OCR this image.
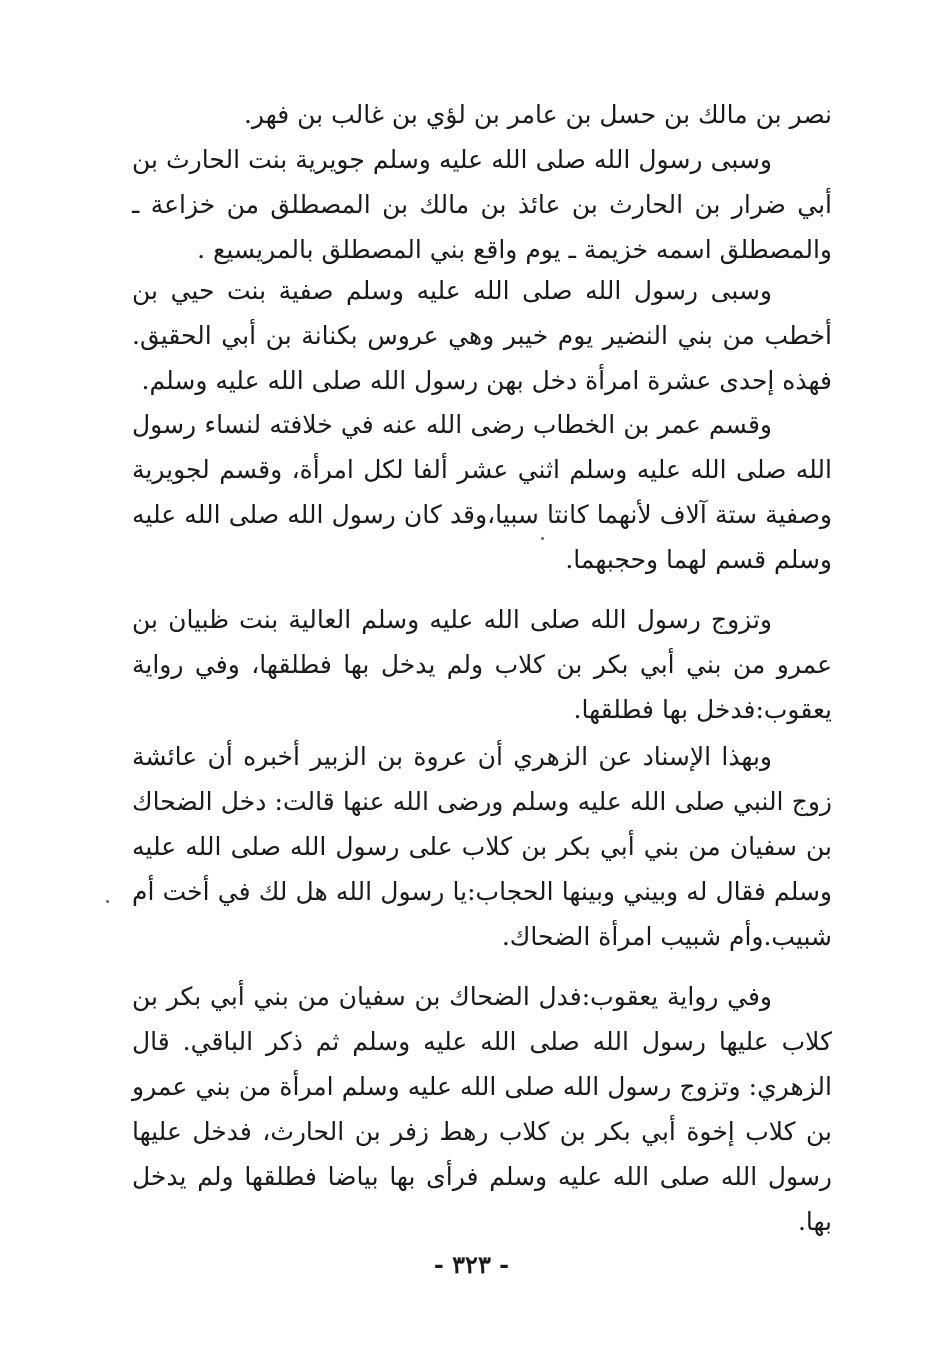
نصر بن مالك بن حسل بن عامر بن لؤي بن غالب بن فهر.

وسبى رسول الله صلى الله عليه وسلم جويرية بنت الحارث بن أبي ضرار بن الحارث بن عائذ بن مالك بن المصطلق من خزاعة ـ والمصطلق اسمه خزيمة ـ يوم واقع بني المصطلق بالمريسيع .

وسبى رسول الله صلى الله عليه وسلم صفية بنت حيي بن أخطب من بني النضير يوم خيبر وهي عروس بكنانة بن أبي الحقيق. فهذه إحدى عشرة امرأة دخل بهن رسول الله صلى الله عليه وسلم.

وقسم عمر بن الخطاب رضى الله عنه في خلافته لنساء رسول الله صلى الله عليه وسلم اثني عشر ألفا لكل امرأة، وقسم لجويرية وصفية ستة آلاف لأنهما كانتا سبيا،وقد كان رسول الله صلى الله عليه وسلم قسم لهما وحجبهما.

وتزوج رسول الله صلى الله عليه وسلم العالية بنت ظبيان بن عمرو من بني أبي بكر بن كلاب ولم يدخل بها فطلقها، وفي رواية يعقوب:فدخل بها فطلقها.

وبهذا الإسناد عن الزهري أن عروة بن الزبير أخبره أن عائشة زوج النبي صلى الله عليه وسلم ورضى الله عنها قالت: دخل الضحاك بن سفيان من بني أبي بكر بن كلاب على رسول الله صلى الله عليه وسلم فقال له وبيني وبينها الحجاب:يا رسول الله هل لك في أخت أم شبيب.وأم شبيب امرأة الضحاك.

وفي رواية يعقوب:فدل الضحاك بن سفيان من بني أبي بكر بن كلاب عليها رسول الله صلى الله عليه وسلم ثم ذكر الباقي. قال الزهري: وتزوج رسول الله صلى الله عليه وسلم امرأة من بني عمرو بن كلاب إخوة أبي بكر بن كلاب رهط زفر بن الحارث، فدخل عليها رسول الله صلى الله عليه وسلم فرأى بها بياضا فطلقها ولم يدخل بها.

- ٣٢٣ -
